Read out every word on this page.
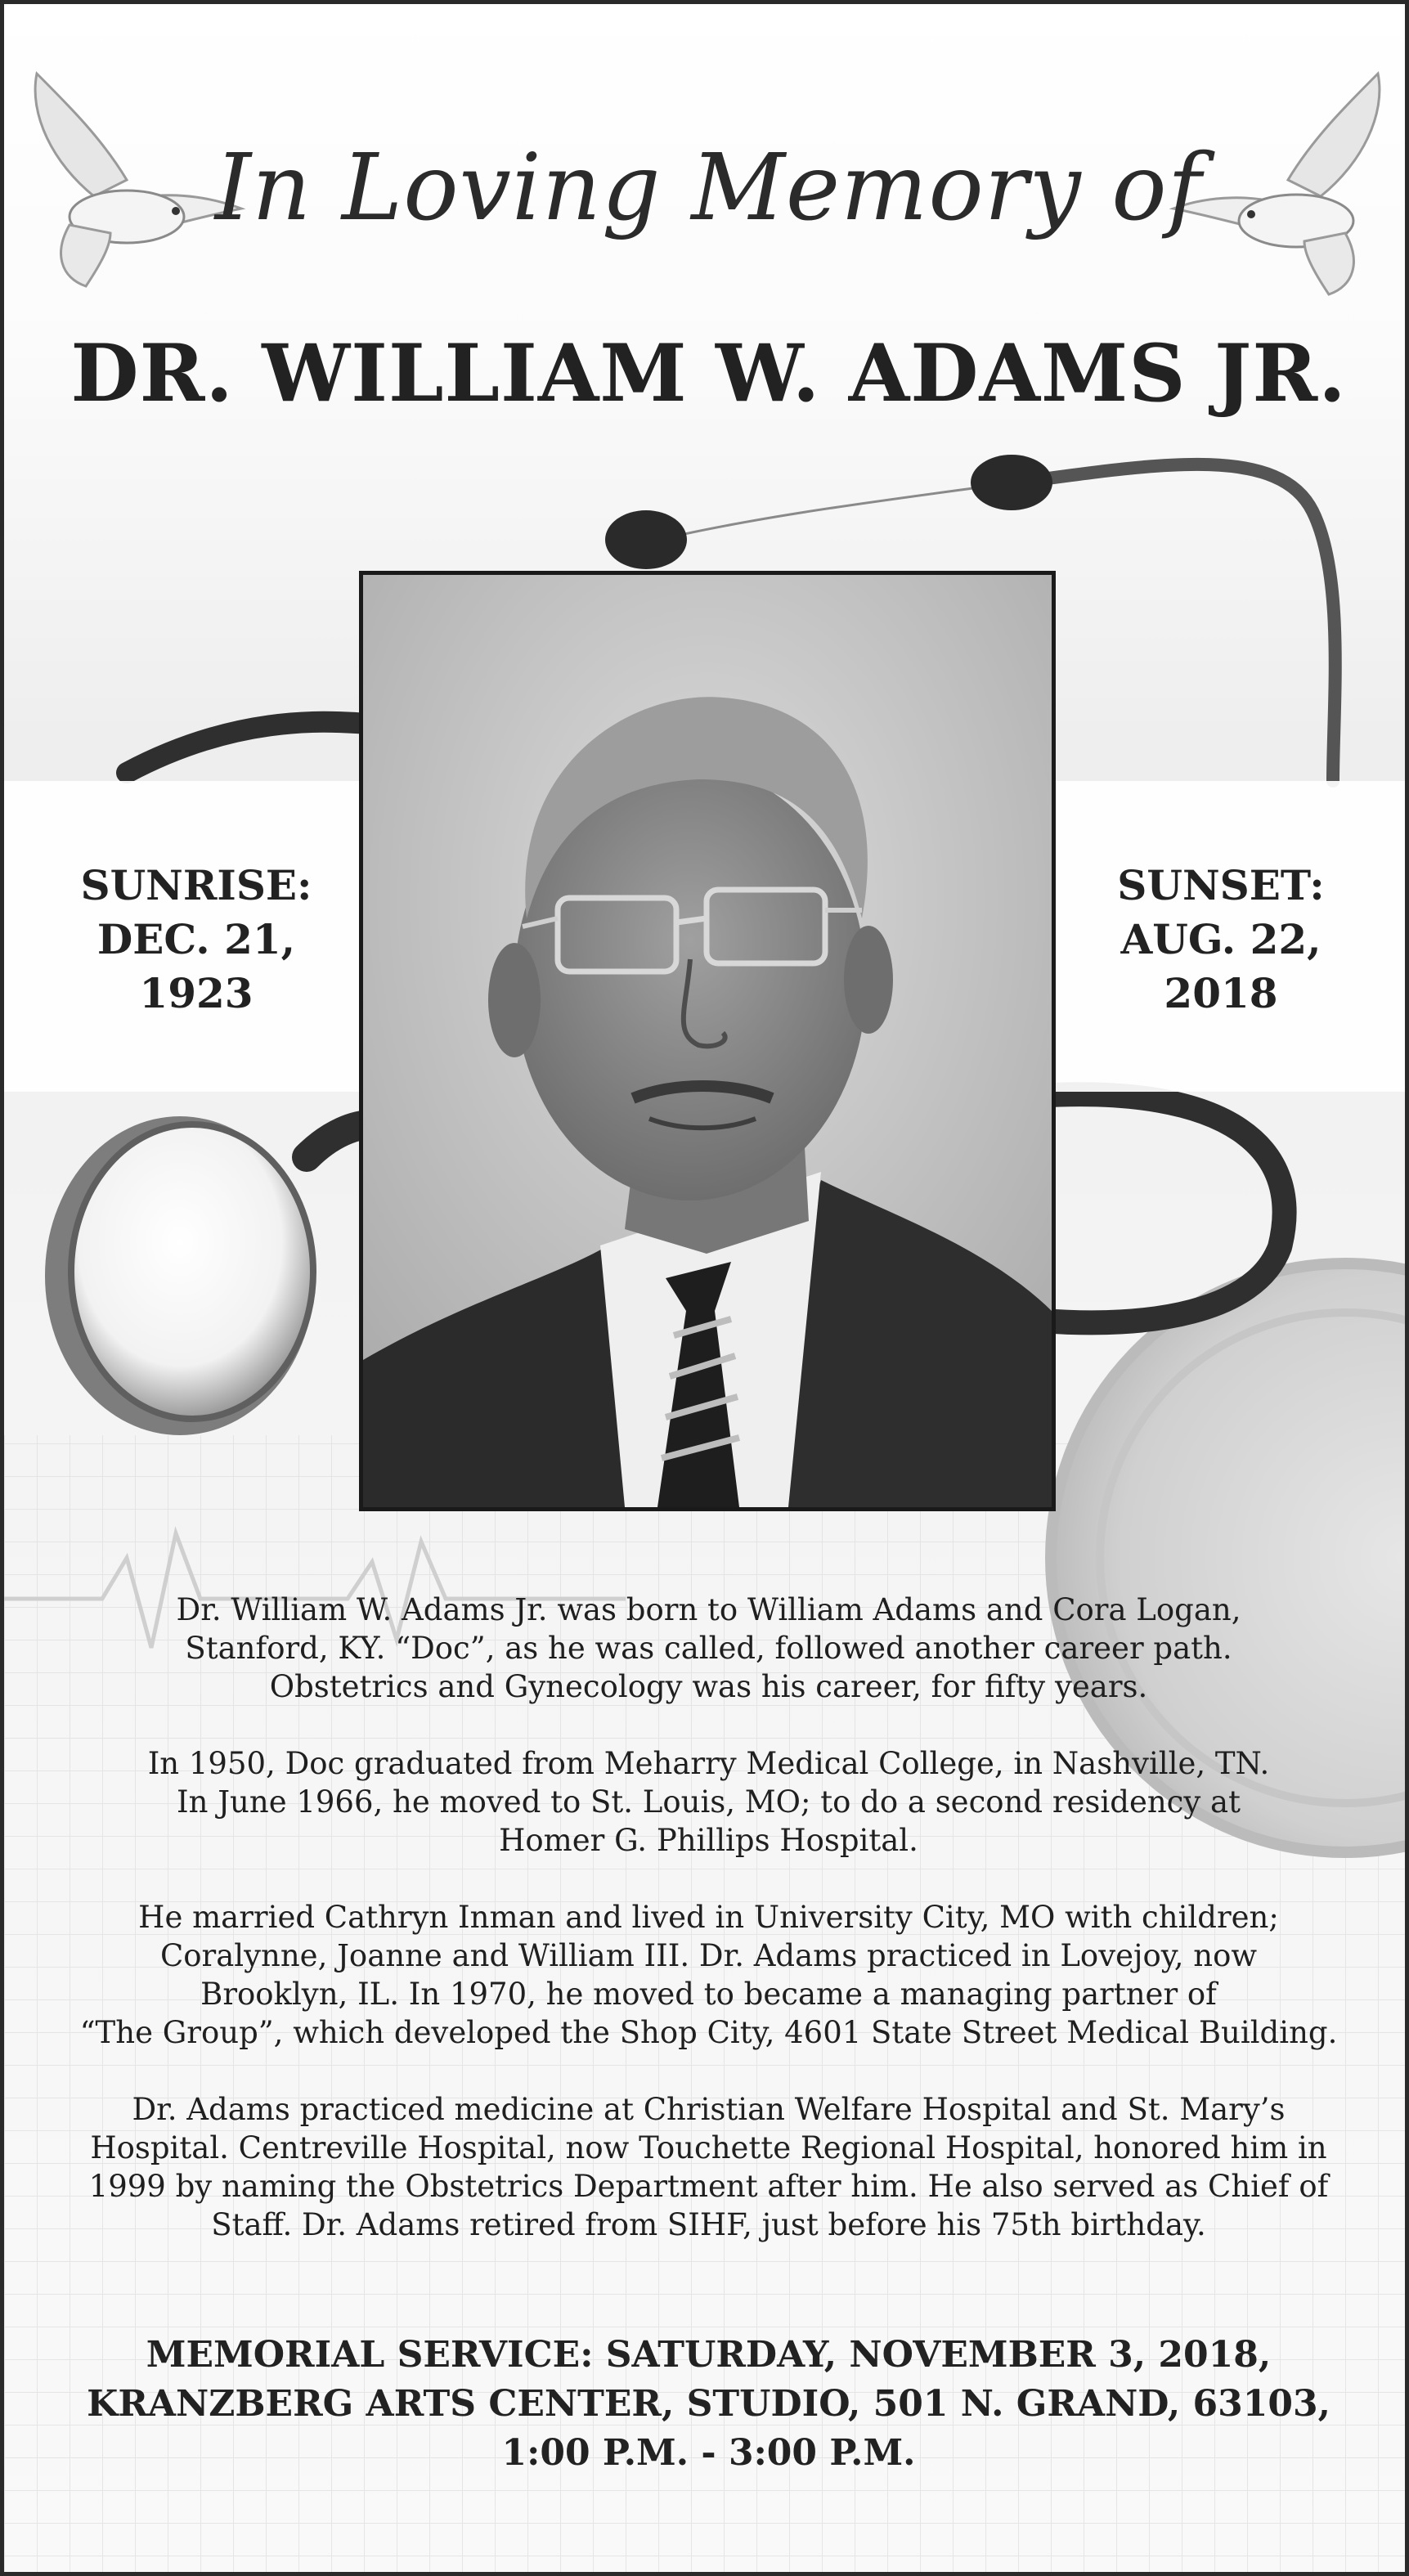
In Loving Memory of
DR. WILLIAM W. ADAMS JR.
SUNRISE:
DEC. 21,
1923
SUNSET:
AUG. 22,
2018

Dr. William W. Adams Jr. was born to William Adams and Cora Logan,
Stanford, KY. “Doc”, as he was called, followed another career path.
Obstetrics and Gynecology was his career, for fifty years.

In 1950, Doc graduated from Meharry Medical College, in Nashville, TN.
In June 1966, he moved to St. Louis, MO; to do a second residency at
Homer G. Phillips Hospital.

He married Cathryn Inman and lived in University City, MO with children;
Coralynne, Joanne and William III. Dr. Adams practiced in Lovejoy, now
Brooklyn, IL. In 1970, he moved to became a managing partner of
“The Group”, which developed the Shop City, 4601 State Street Medical Building.

Dr. Adams practiced medicine at Christian Welfare Hospital and St. Mary’s
Hospital. Centreville Hospital, now Touchette Regional Hospital, honored him in
1999 by naming the Obstetrics Department after him. He also served as Chief of
Staff. Dr. Adams retired from SIHF, just before his 75th birthday.

MEMORIAL SERVICE: SATURDAY, NOVEMBER 3, 2018,
KRANZBERG ARTS CENTER, STUDIO, 501 N. GRAND, 63103,
1:00 P.M. - 3:00 P.M.
